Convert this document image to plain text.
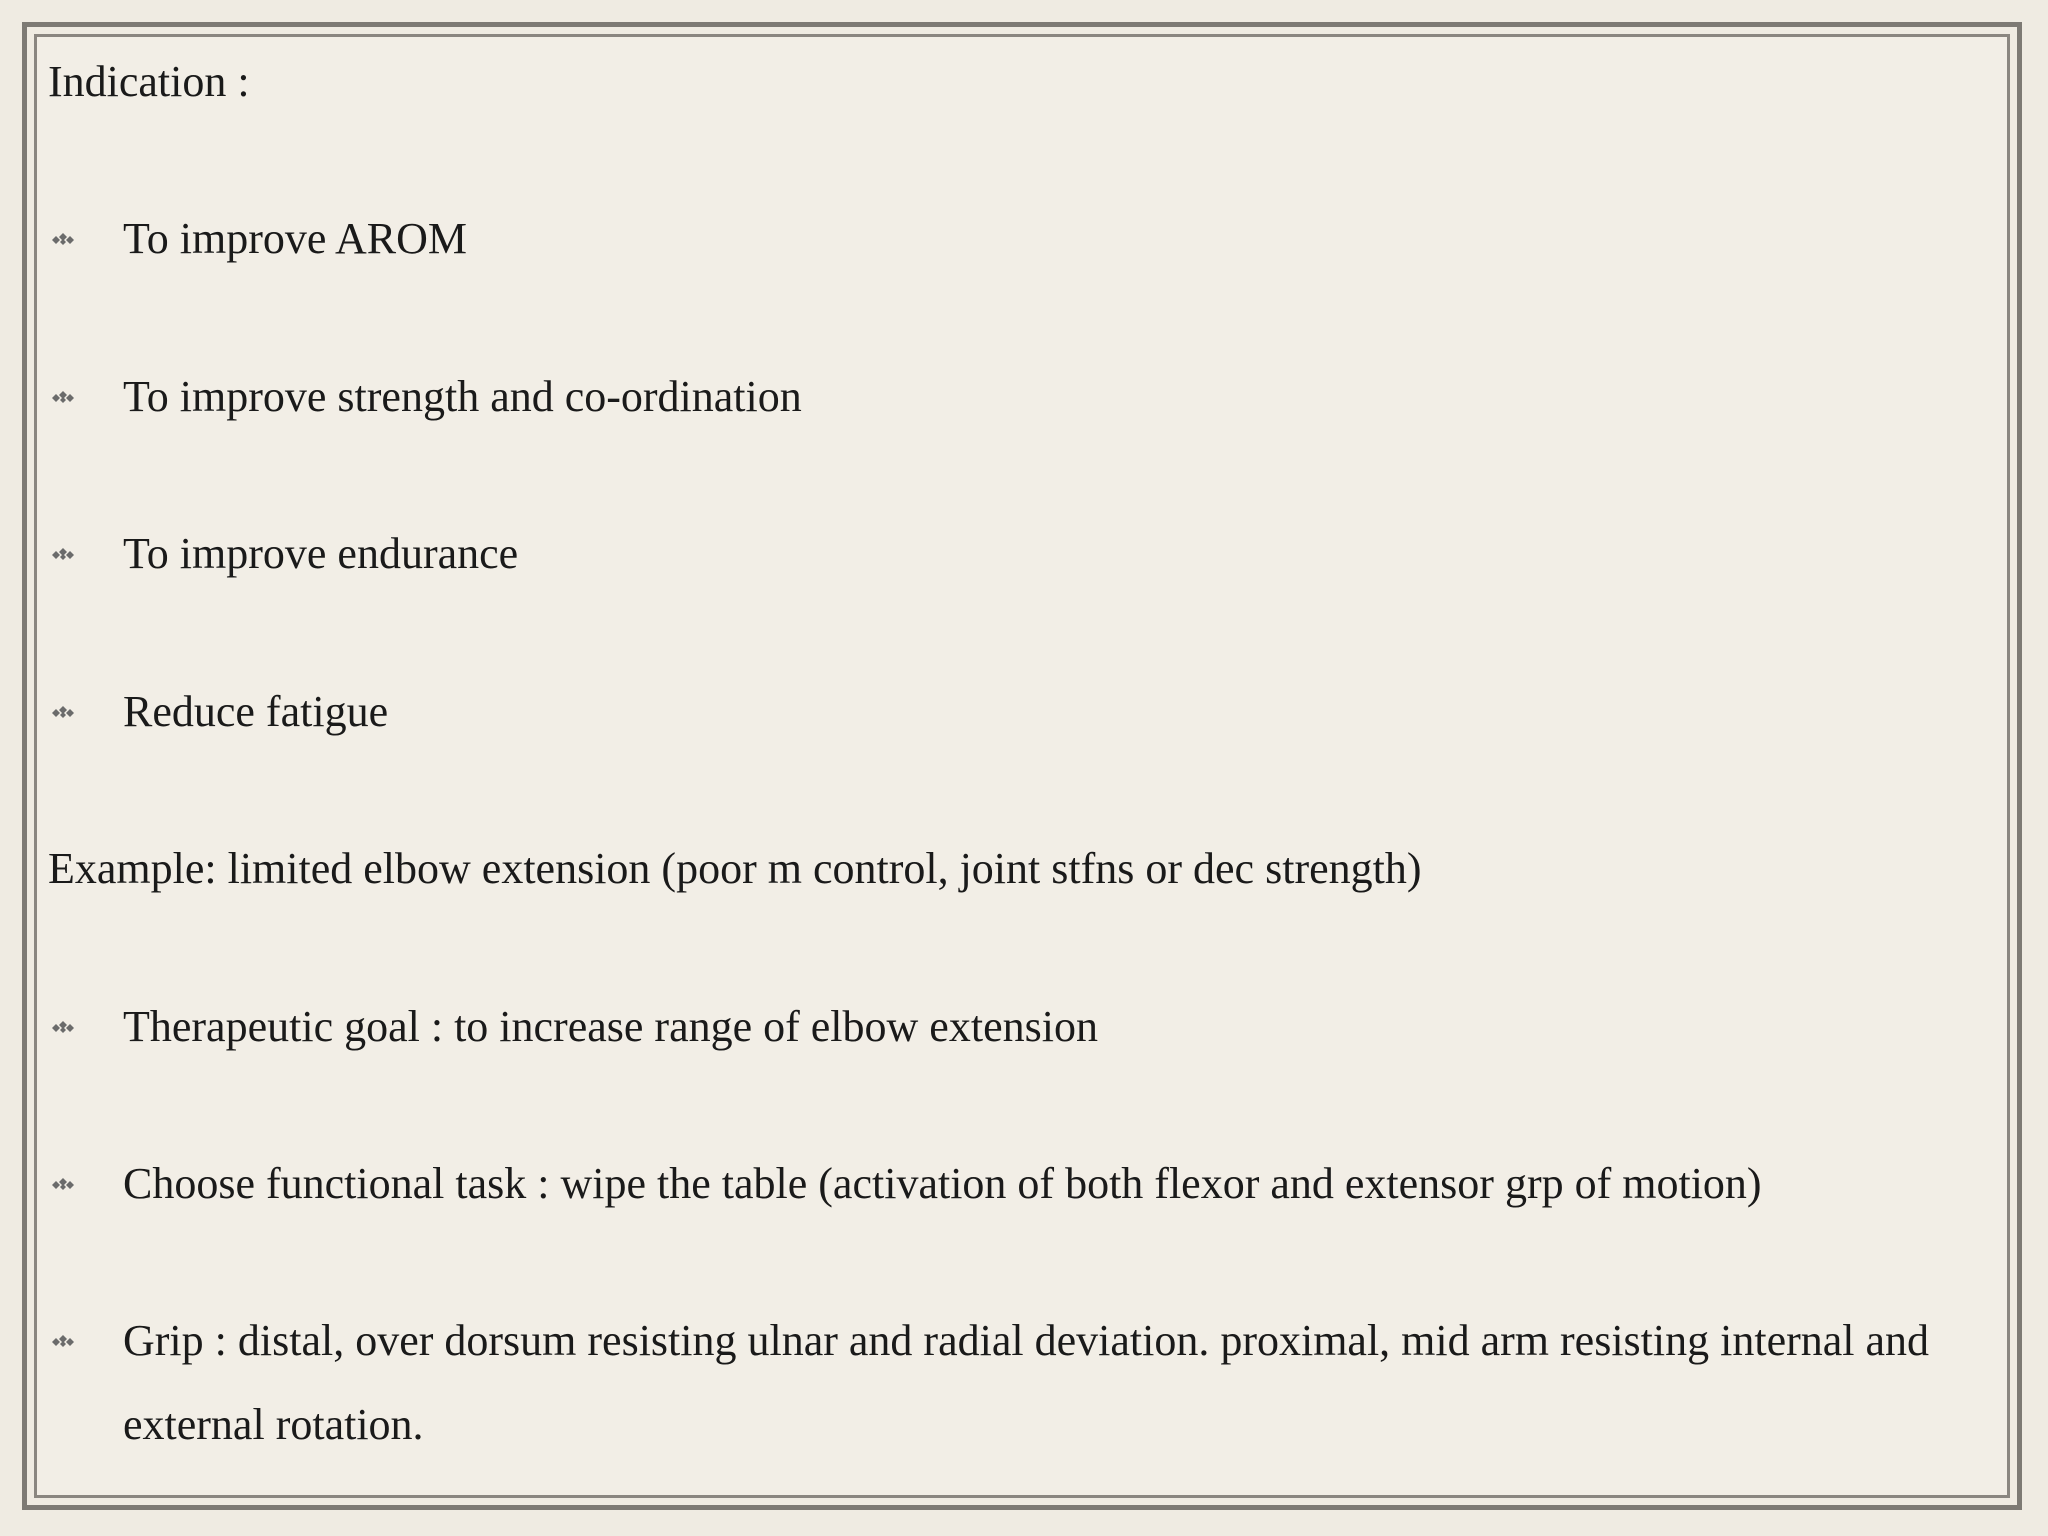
Indication :
To improve AROM
To improve strength and co-ordination
To improve endurance
Reduce fatigue
Example: limited elbow extension (poor m control, joint stfns or dec strength)
Therapeutic goal : to increase range of elbow extension
Choose functional task : wipe the table (activation of both flexor and extensor grp of motion)
Grip : distal, over dorsum resisting ulnar and radial deviation. proximal, mid arm resisting internal and external rotation.
